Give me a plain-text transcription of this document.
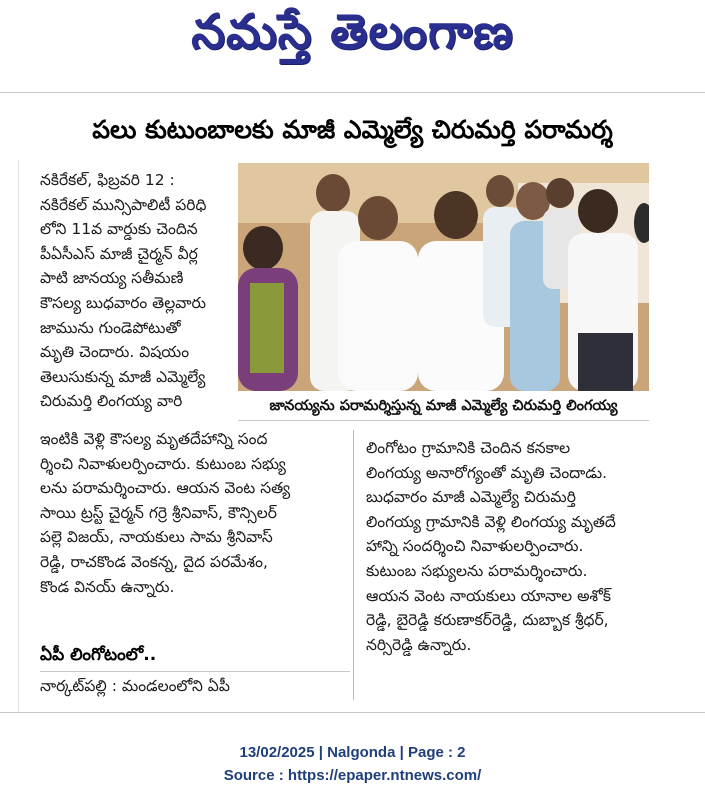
నమస్తే తెలంగాణ
పలు కుటుంబాలకు మాజీ ఎమ్మెల్యే చిరుమర్తి పరామర్శ

నకిరేకల్, ఫిబ్రవరి 12 :

నకిరేకల్ మున్సిపాలిటీ పరిధి

లోని 11వ వార్డుకు చెందిన

పీఏసీఎస్ మాజీ చైర్మన్ వీర్ల

పాటి జానయ్య సతీమణి

కౌసల్య బుధవారం తెల్లవారు

జామును గుండెపోటుతో

మృతి చెందారు. విషయం

తెలుసుకున్న మాజీ ఎమ్మెల్యే

చిరుమర్తి లింగయ్య వారి	జానయ్యను పరామర్శిస్తున్న మాజీ ఎమ్మెల్యే చిరుమర్తి లింగయ్య

ఇంటికి వెళ్లి కౌసల్య మృతదేహాన్ని సంద

ర్శించి నివాళులర్పించారు. కుటుంబ సభ్యు

లను పరామర్శించారు. ఆయన వెంట సత్య

సాయి ట్రస్ట్ చైర్మన్ గర్రె శ్రీనివాస్, కౌన్సిలర్

పల్లె విజయ్, నాయకులు సామ శ్రీనివాస్

రెడ్డి, రాచకొండ వెంకన్న, దైద పరమేశం,

కొండ వినయ్ ఉన్నారు.

ఏపీ లింగోటంలో..

నార్కట్‌పల్లి : మండలంలోని ఏపీ

లింగోటం గ్రామానికి చెందిన కనకాల

లింగయ్య అనారోగ్యంతో మృతి చెందాడు.

బుధవారం మాజీ ఎమ్మెల్యే చిరుమర్తి

లింగయ్య గ్రామానికి వెళ్లి లింగయ్య మృతదే

హాన్ని సందర్శించి నివాళులర్పించారు.

కుటుంబ సభ్యులను పరామర్శించారు.

ఆయన వెంట నాయకులు యానాల అశోక్

రెడ్డి, బైరెడ్డి కరుణాకర్‌రెడ్డి, దుబ్బాక శ్రీధర్,

నర్సిరెడ్డి ఉన్నారు.

13/02/2025 | Nalgonda | Page : 2
Source : https://epaper.ntnews.com/
